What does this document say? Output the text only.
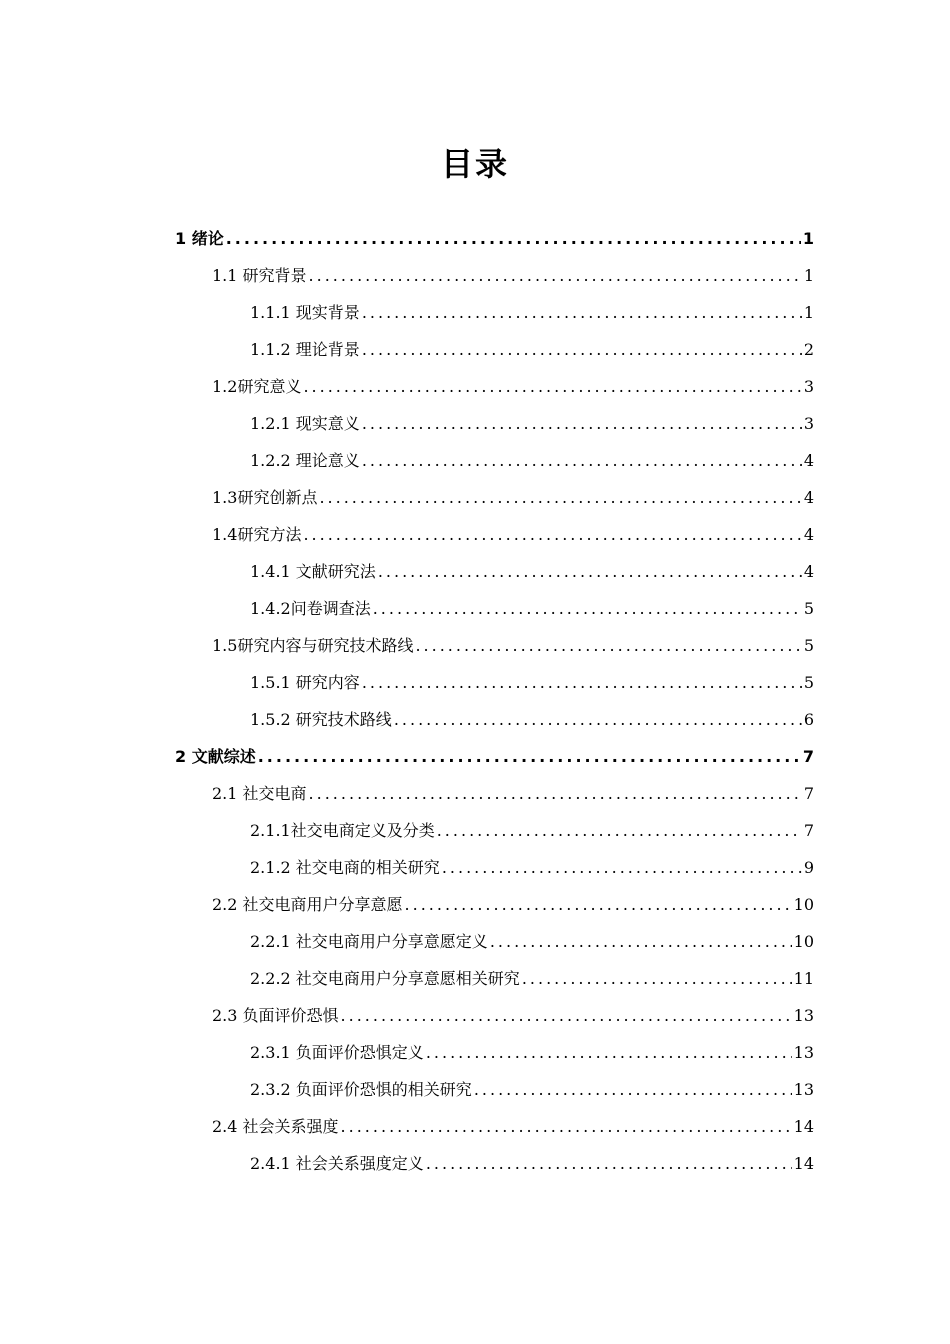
目录
1 绪论 .....	1
1.1 研究背景 .....	1
1.1.1 现实背景 .....	1
1.1.2 理论背景 .....	2
1.2研究意义 .....	3
1.2.1 现实意义 .....	3
1.2.2 理论意义 .....	4
1.3研究创新点 .....	4
1.4研究方法 .....	4
1.4.1 文献研究法 .....	4
1.4.2问卷调查法 .....	5
1.5研究内容与研究技术路线 .....	5
1.5.1 研究内容 .....	5
1.5.2 研究技术路线 .....	6
2 文献综述 .....	7
2.1 社交电商 .....	7
2.1.1社交电商定义及分类 .....	7
2.1.2 社交电商的相关研究 .....	9
2.2 社交电商用户分享意愿 .....	10
2.2.1 社交电商用户分享意愿定义 .....	10
2.2.2 社交电商用户分享意愿相关研究 .....	11
2.3 负面评价恐惧 .....	13
2.3.1 负面评价恐惧定义 .....	13
2.3.2 负面评价恐惧的相关研究 .....	13
2.4 社会关系强度 .....	14
2.4.1 社会关系强度定义 .....	14
